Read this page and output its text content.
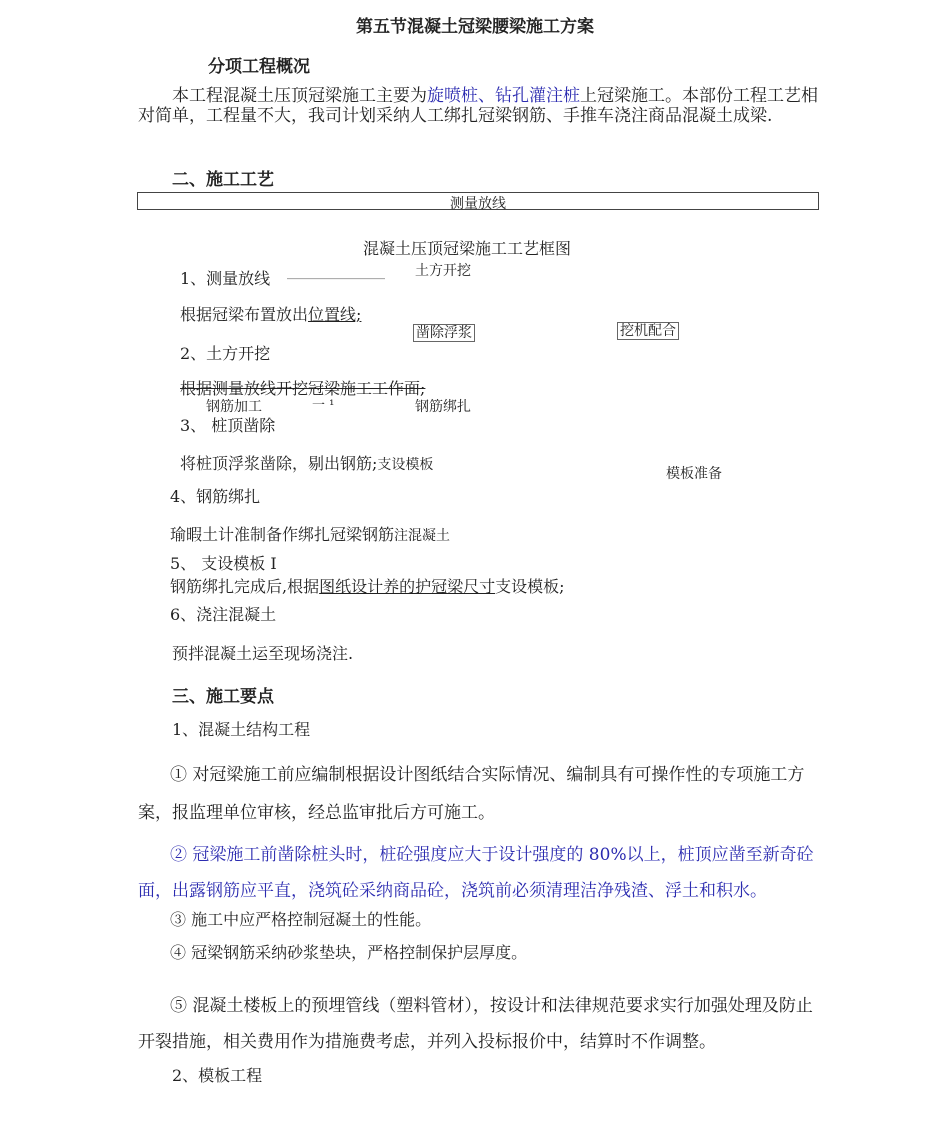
第五节混凝土冠梁腰梁施工方案
分项工程概况
本工程混凝土压顶冠梁施工主要为旋喷桩、钻孔灌注桩上冠梁施工。本部份工程工艺相对简单，工程量不大，我司计划采纳人工绑扎冠梁钢筋、手推车浇注商品混凝土成梁.
二、施工工艺
测量放线
混凝土压顶冠梁施工工艺框图
土方开挖
1、测量放线 ______________
根据冠梁布置放出位置线;
凿除浮浆	挖机配合
2、土方开挖
根据测量放线开挖冠梁施工工作面;
钢筋加工	一 ¹	钢筋绑扎
3、 桩顶凿除
将桩顶浮浆凿除，剔出钢筋;支设模板
模板准备
4、钢筋绑扎
瑜暇土计准制备作绑扎冠梁钢筋注混凝土
5、 支设模板 I
钢筋绑扎完成后,根据图纸设计养的护冠梁尺寸支设模板;
6、浇注混凝土
预拌混凝土运至现场浇注.
三、施工要点
1、混凝土结构工程
① 对冠梁施工前应编制根据设计图纸结合实际情况、编制具有可操作性的专项施工方案，报监理单位审核，经总监审批后方可施工。
② 冠梁施工前凿除桩头时，桩砼强度应大于设计强度的 80%以上，桩顶应凿至新奇砼面，出露钢筋应平直，浇筑砼采纳商品砼，浇筑前必须清理洁净残渣、浮土和积水。
③ 施工中应严格控制冠凝土的性能。
④ 冠梁钢筋采纳砂浆垫块，严格控制保护层厚度。
⑤ 混凝土楼板上的预埋管线（塑料管材），按设计和法律规范要求实行加强处理及防止开裂措施，相关费用作为措施费考虑，并列入投标报价中，结算时不作调整。
2、模板工程
